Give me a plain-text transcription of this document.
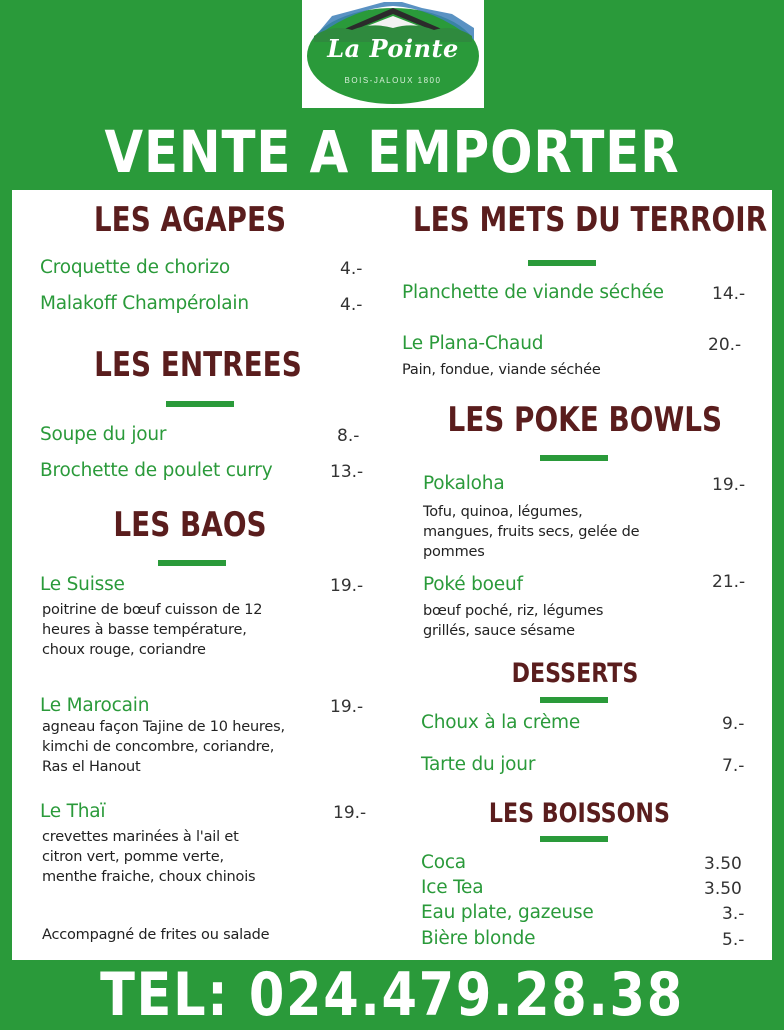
La Pointe
BOIS-JALOUX 1800
VENTE A EMPORTER
LES AGAPES
Croquette de chorizo	4.-
Malakoff Champérolain	4.-
LES ENTREES
Soupe du jour	8.-
Brochette de poulet curry	13.-
LES BAOS
Le Suisse	19.-
poitrine de bœuf cuisson de 12 heures à basse température, choux rouge, coriandre
Le Marocain	19.-
agneau façon Tajine de 10 heures, kimchi de concombre, coriandre, Ras el Hanout
Le Thaï	19.-
crevettes marinées à l'ail et citron vert, pomme verte, menthe fraiche, choux chinois
Accompagné de frites ou salade
LES METS DU TERROIR
Planchette de viande séchée	14.-
Le Plana-Chaud	20.-
Pain, fondue, viande séchée
LES POKE BOWLS
Pokaloha	19.-
Tofu, quinoa, légumes, mangues, fruits secs, gelée de pommes
Poké boeuf	21.-
bœuf poché, riz, légumes grillés, sauce sésame
DESSERTS
Choux à la crème	9.-
Tarte du jour	7.-
LES BOISSONS
Coca	3.50
Ice Tea	3.50
Eau plate, gazeuse	3.-
Bière blonde	5.-
TEL: 024.479.28.38
